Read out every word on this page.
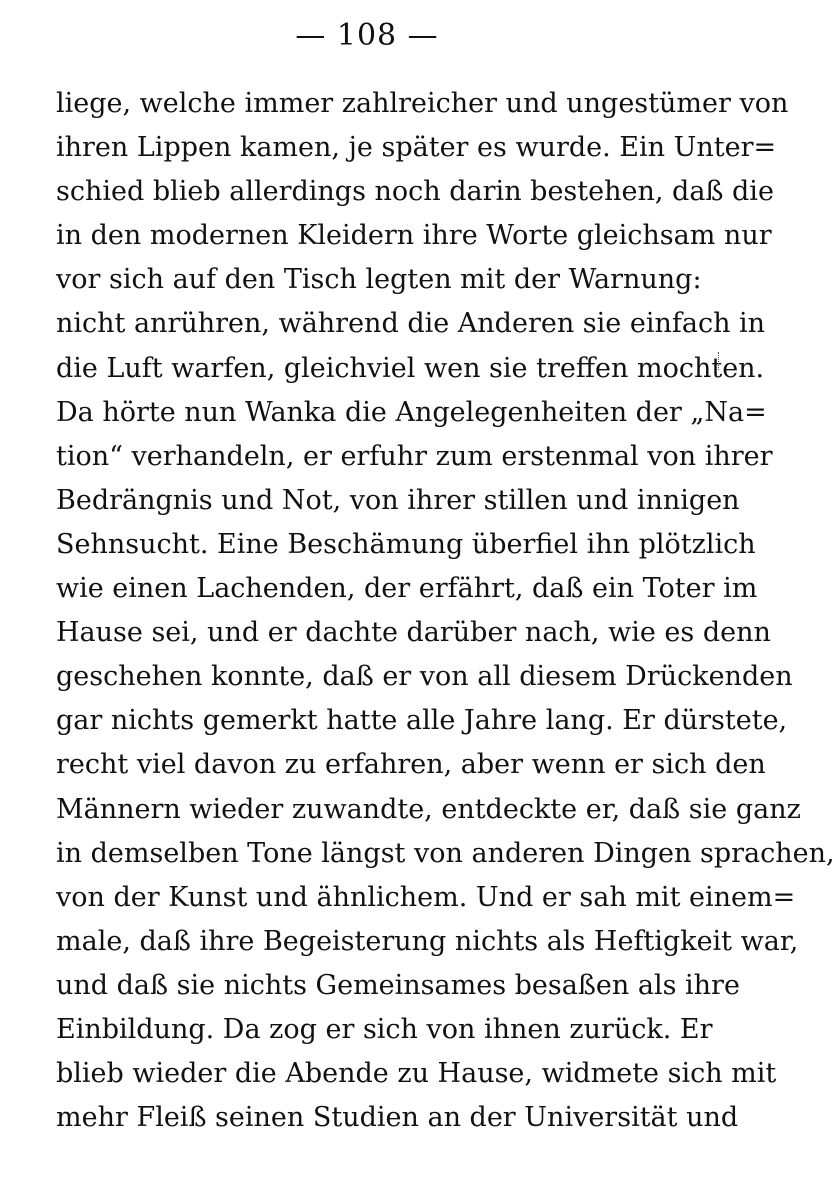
— 108 —
liege, welche immer zahlreicher und ungestümer von
ihren Lippen kamen, je später es wurde. Ein Unter=
schied blieb allerdings noch darin bestehen, daß die
in den modernen Kleidern ihre Worte gleichsam nur
vor sich auf den Tisch legten mit der Warnung:
nicht anrühren, während die Anderen sie einfach in
die Luft warfen, gleichviel wen sie treffen mochten.
Da hörte nun Wanka die Angelegenheiten der „Na=
tion“ verhandeln, er erfuhr zum erstenmal von ihrer
Bedrängnis und Not, von ihrer stillen und innigen
Sehnsucht. Eine Beschämung überfiel ihn plötzlich
wie einen Lachenden, der erfährt, daß ein Toter im
Hause sei, und er dachte darüber nach, wie es denn
geschehen konnte, daß er von all diesem Drückenden
gar nichts gemerkt hatte alle Jahre lang. Er dürstete,
recht viel davon zu erfahren, aber wenn er sich den
Männern wieder zuwandte, entdeckte er, daß sie ganz
in demselben Tone längst von anderen Dingen sprachen,
von der Kunst und ähnlichem. Und er sah mit einem=
male, daß ihre Begeisterung nichts als Heftigkeit war,
und daß sie nichts Gemeinsames besaßen als ihre
Einbildung. Da zog er sich von ihnen zurück. Er
blieb wieder die Abende zu Hause, widmete sich mit
mehr Fleiß seinen Studien an der Universität und
